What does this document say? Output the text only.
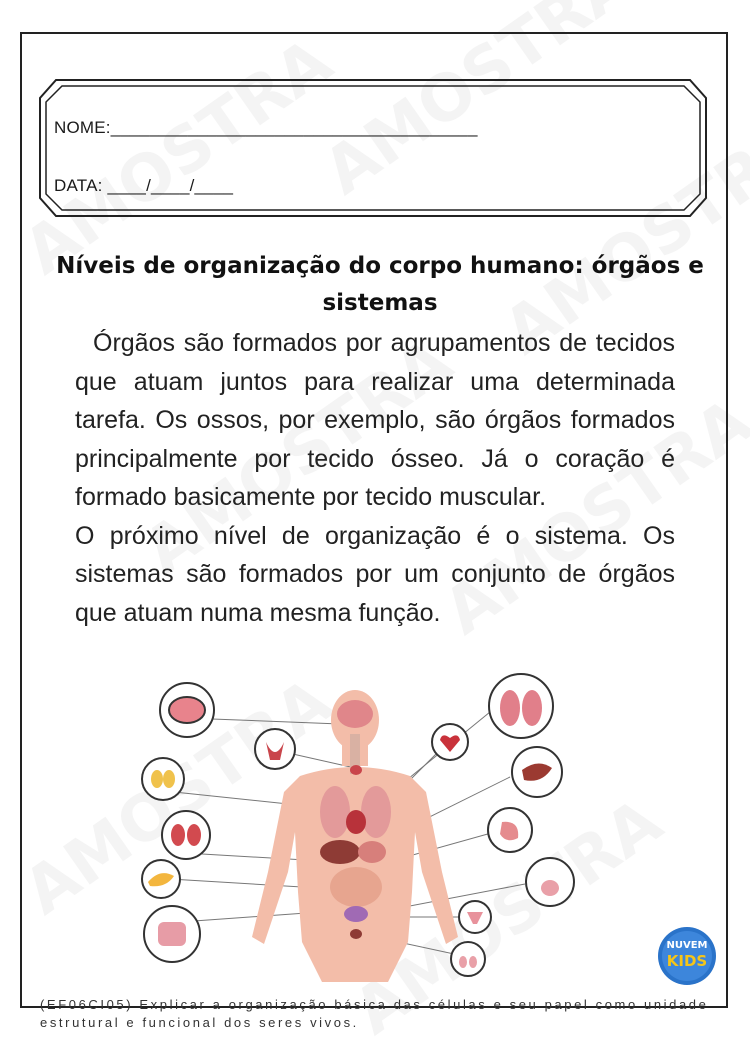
NOME:______________________________________
DATA: ____/____/____
Níveis de organização do corpo humano: órgãos e
sistemas

Órgãos são formados por agrupamentos de tecidos que atuam juntos para realizar uma determinada tarefa. Os ossos, por exemplo, são órgãos formados principalmente por tecido ósseo. Já o coração é formado basicamente por tecido muscular.

O próximo nível de organização é o sistema. Os sistemas são formados por um conjunto de órgãos que atuam numa mesma função.

NUVEM
KIDS
(EF06CI05) Explicar a organização básica das células e seu papel como unidade estrutural e funcional dos seres vivos.
